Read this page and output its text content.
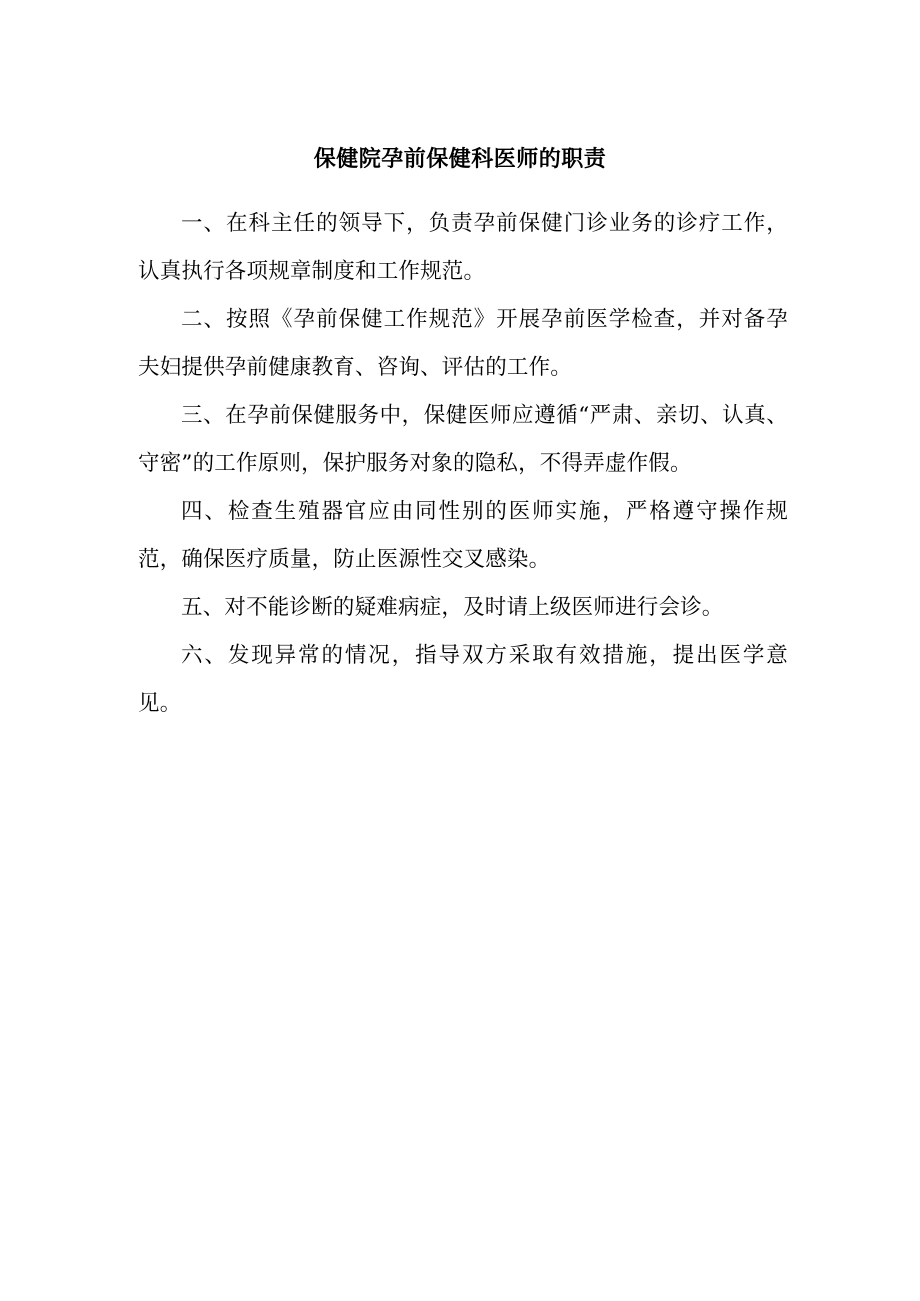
保健院孕前保健科医师的职责

一、在科主任的领导下，负责孕前保健门诊业务的诊疗工作，认真执行各项规章制度和工作规范。

二、按照《孕前保健工作规范》开展孕前医学检查，并对备孕夫妇提供孕前健康教育、咨询、评估的工作。

三、在孕前保健服务中，保健医师应遵循“严肃、亲切、认真、守密”的工作原则，保护服务对象的隐私，不得弄虚作假。

四、检查生殖器官应由同性别的医师实施，严格遵守操作规范，确保医疗质量，防止医源性交叉感染。

五、对不能诊断的疑难病症，及时请上级医师进行会诊。

六、发现异常的情况，指导双方采取有效措施，提出医学意见。
